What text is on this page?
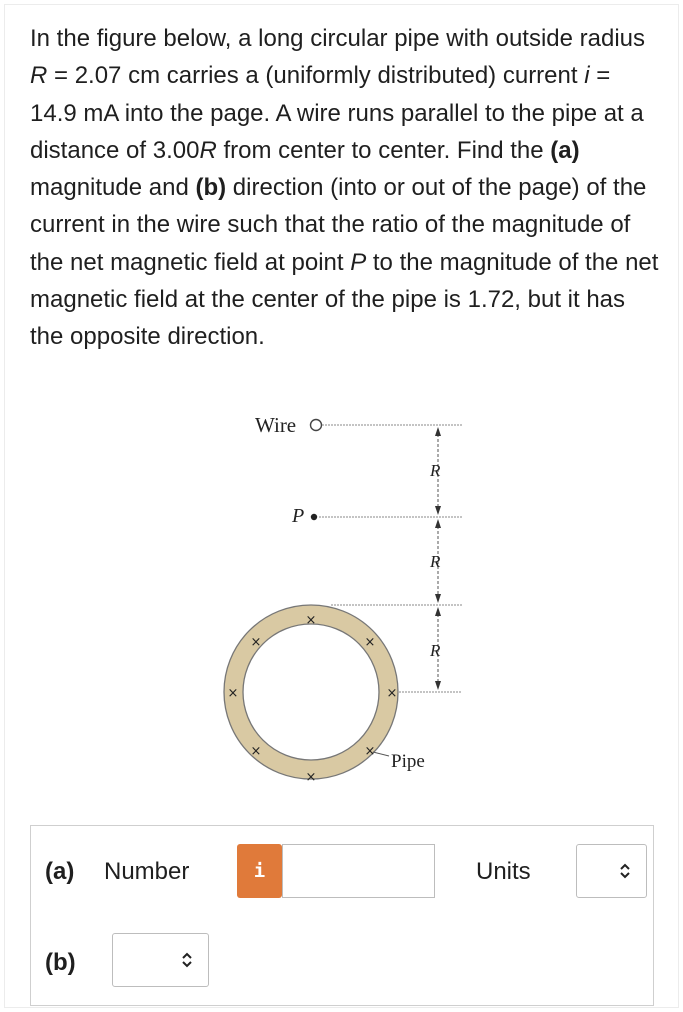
In the figure below, a long circular pipe with outside radius R = 2.07 cm carries a (uniformly distributed) current i = 14.9 mA into the page. A wire runs parallel to the pipe at a distance of 3.00R from center to center. Find the (a) magnitude and (b) direction (into or out of the page) of the current in the wire such that the ratio of the magnitude of the net magnetic field at point P to the magnitude of the net magnetic field at the center of the pipe is 1.72, but it has the opposite direction.

Wire
P
R
R
R
×
×	×
×	×
×	×
×
Pipe
(a) Number	i	Units
(b)
